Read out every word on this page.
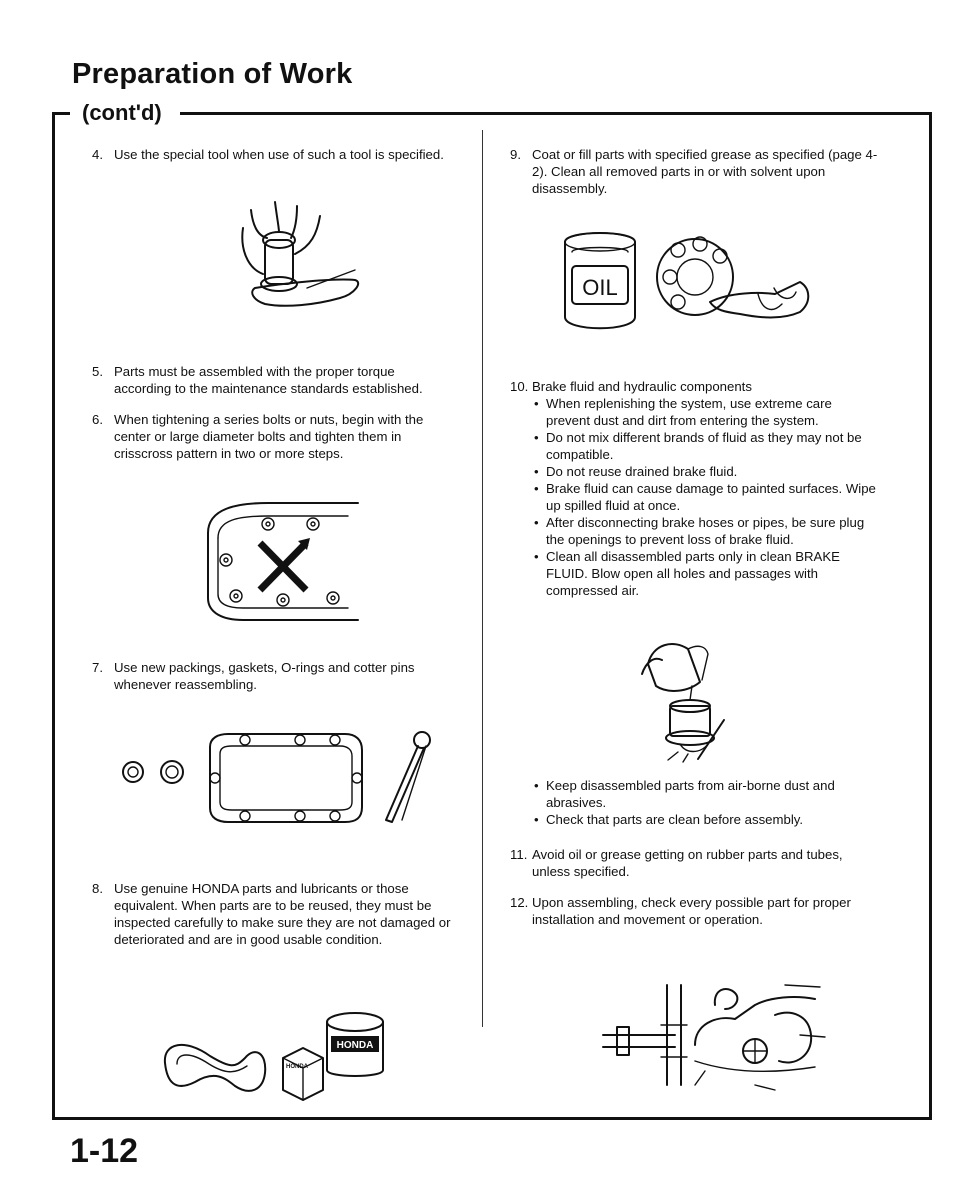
Preparation of Work
(cont'd)
4. Use the special tool when use of such a tool is specified.
5. Parts must be assembled with the proper torque according to the maintenance standards established.
6. When tightening a series bolts or nuts, begin with the center or large diameter bolts and tighten them in crisscross pattern in two or more steps.
7. Use new packings, gaskets, O-rings and cotter pins whenever reassembling.
8. Use genuine HONDA parts and lubricants or those equivalent. When parts are to be reused, they must be inspected carefully to make sure they are not damaged or deteriorated and are in good usable condition.
HONDA
HONDA
9. Coat or fill parts with specified grease as specified (page 4-2). Clean all removed parts in or with solvent upon disassembly.
OIL
10. Brake fluid and hydraulic components
• When replenishing the system, use extreme care prevent dust and dirt from entering the system.
• Do not mix different brands of fluid as they may not be compatible.
• Do not reuse drained brake fluid.
• Brake fluid can cause damage to painted surfaces. Wipe up spilled fluid at once.
• After disconnecting brake hoses or pipes, be sure plug the openings to prevent loss of brake fluid.
• Clean all disassembled parts only in clean BRAKE FLUID. Blow open all holes and passages with compressed air.
• Keep disassembled parts from air-borne dust and abrasives.
• Check that parts are clean before assembly.
11. Avoid oil or grease getting on rubber parts and tubes, unless specified.
12. Upon assembling, check every possible part for proper installation and movement or operation.
1-12
